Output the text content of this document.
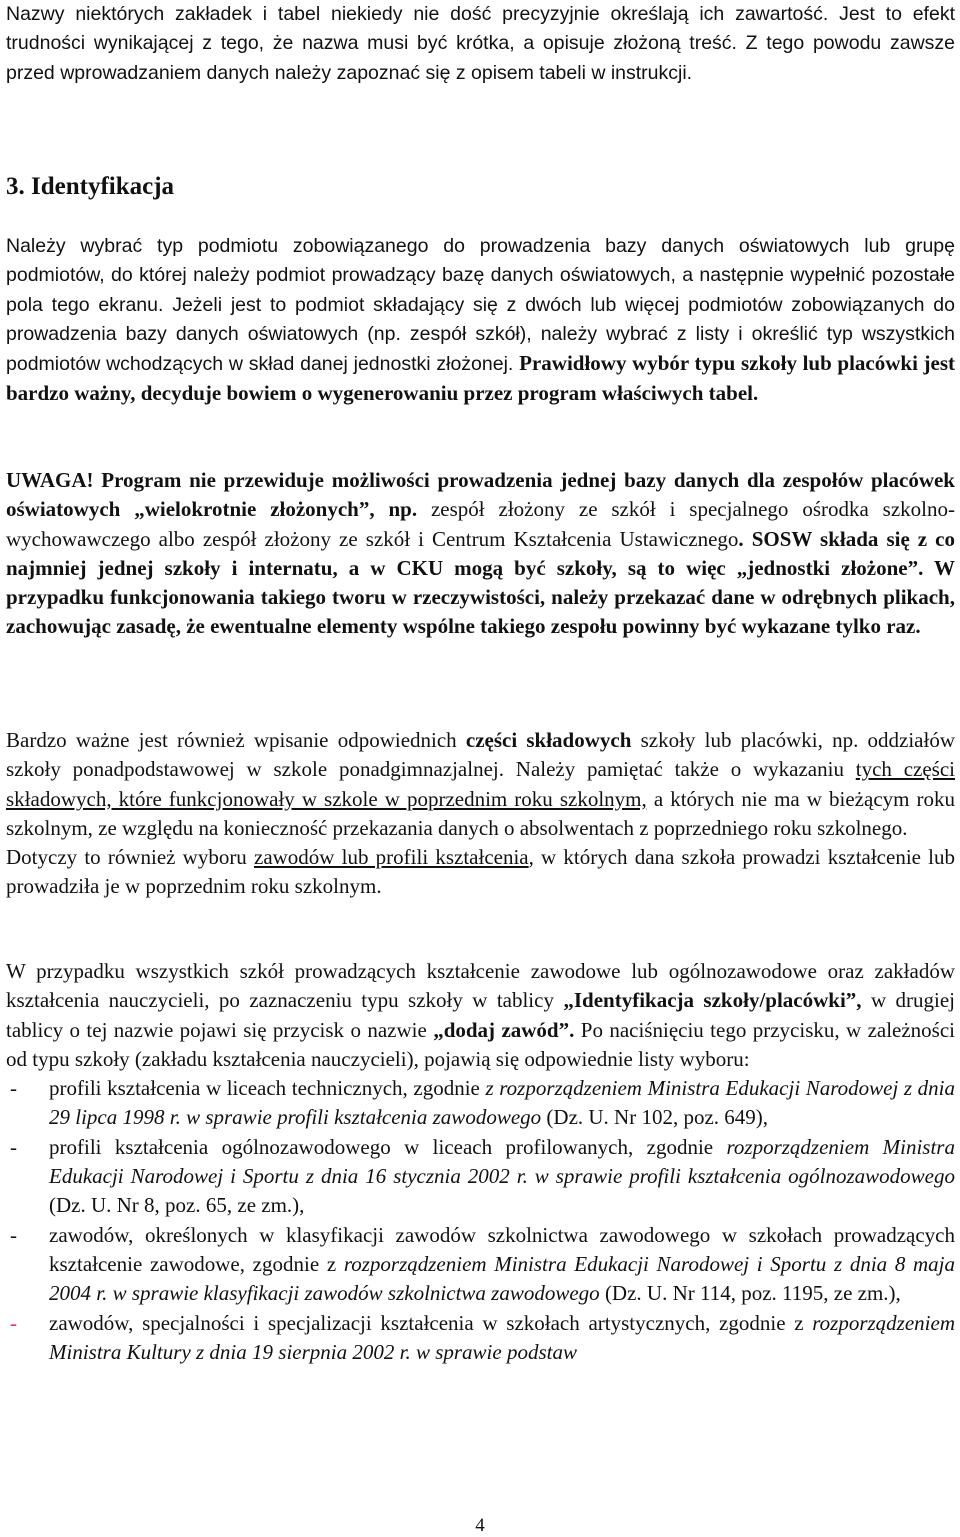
Nazwy niektórych zakładek i tabel niekiedy nie dość precyzyjnie określają ich zawartość. Jest to efekt trudności wynikającej z tego, że nazwa musi być krótka, a opisuje złożoną treść. Z tego powodu zawsze przed wprowadzaniem danych należy zapoznać się z opisem tabeli w instrukcji.

3. Identyfikacja

Należy wybrać typ podmiotu zobowiązanego do prowadzenia bazy danych oświatowych lub grupę podmiotów, do której należy podmiot prowadzący bazę danych oświatowych, a następnie wypełnić pozostałe pola tego ekranu. Jeżeli jest to podmiot składający się z dwóch lub więcej podmiotów zobowiązanych do prowadzenia bazy danych oświatowych (np. zespół szkół), należy wybrać z listy i określić typ wszystkich podmiotów wchodzących w skład danej jednostki złożonej. Prawidłowy wybór typu szkoły lub placówki jest bardzo ważny, decyduje bowiem o wygenerowaniu przez program właściwych tabel.

UWAGA! Program nie przewiduje możliwości prowadzenia jednej bazy danych dla zespołów placówek oświatowych „wielokrotnie złożonych”, np. zespół złożony ze szkół i specjalnego ośrodka szkolno-wychowawczego albo zespół złożony ze szkół i Centrum Kształcenia Ustawicznego. SOSW składa się z co najmniej jednej szkoły i internatu, a w CKU mogą być szkoły, są to więc „jednostki złożone”. W przypadku funkcjonowania takiego tworu w rzeczywistości, należy przekazać dane w odrębnych plikach, zachowując zasadę, że ewentualne elementy wspólne takiego zespołu powinny być wykazane tylko raz.

Bardzo ważne jest również wpisanie odpowiednich części składowych szkoły lub placówki, np. oddziałów szkoły ponadpodstawowej w szkole ponadgimnazjalnej. Należy pamiętać także o wykazaniu tych części składowych, które funkcjonowały w szkole w poprzednim roku szkolnym, a których nie ma w bieżącym roku szkolnym, ze względu na konieczność przekazania danych o absolwentach z poprzedniego roku szkolnego.
Dotyczy to również wyboru zawodów lub profili kształcenia, w których dana szkoła prowadzi kształcenie lub prowadziła je w poprzednim roku szkolnym.

W przypadku wszystkich szkół prowadzących kształcenie zawodowe lub ogólnozawodowe oraz zakładów kształcenia nauczycieli, po zaznaczeniu typu szkoły w tablicy „Identyfikacja szkoły/placówki”, w drugiej tablicy o tej nazwie pojawi się przycisk o nazwie „dodaj zawód”. Po naciśnięciu tego przycisku, w zależności od typu szkoły (zakładu kształcenia nauczycieli), pojawią się odpowiednie listy wyboru:

- profili kształcenia w liceach technicznych, zgodnie z rozporządzeniem Ministra Edukacji Narodowej z dnia 29 lipca 1998 r. w sprawie profili kształcenia zawodowego (Dz. U. Nr 102, poz. 649),
- profili kształcenia ogólnozawodowego w liceach profilowanych, zgodnie rozporządzeniem Ministra Edukacji Narodowej i Sportu z dnia 16 stycznia 2002 r. w sprawie profili kształcenia ogólnozawodowego (Dz. U. Nr 8, poz. 65, ze zm.),
- zawodów, określonych w klasyfikacji zawodów szkolnictwa zawodowego w szkołach prowadzących kształcenie zawodowe, zgodnie z rozporządzeniem Ministra Edukacji Narodowej i Sportu z dnia 8 maja 2004 r. w sprawie klasyfikacji zawodów szkolnictwa zawodowego (Dz. U. Nr 114, poz. 1195, ze zm.),
- zawodów, specjalności i specjalizacji kształcenia w szkołach artystycznych, zgodnie z rozporządzeniem Ministra Kultury z dnia 19 sierpnia 2002 r. w sprawie podstaw
4
